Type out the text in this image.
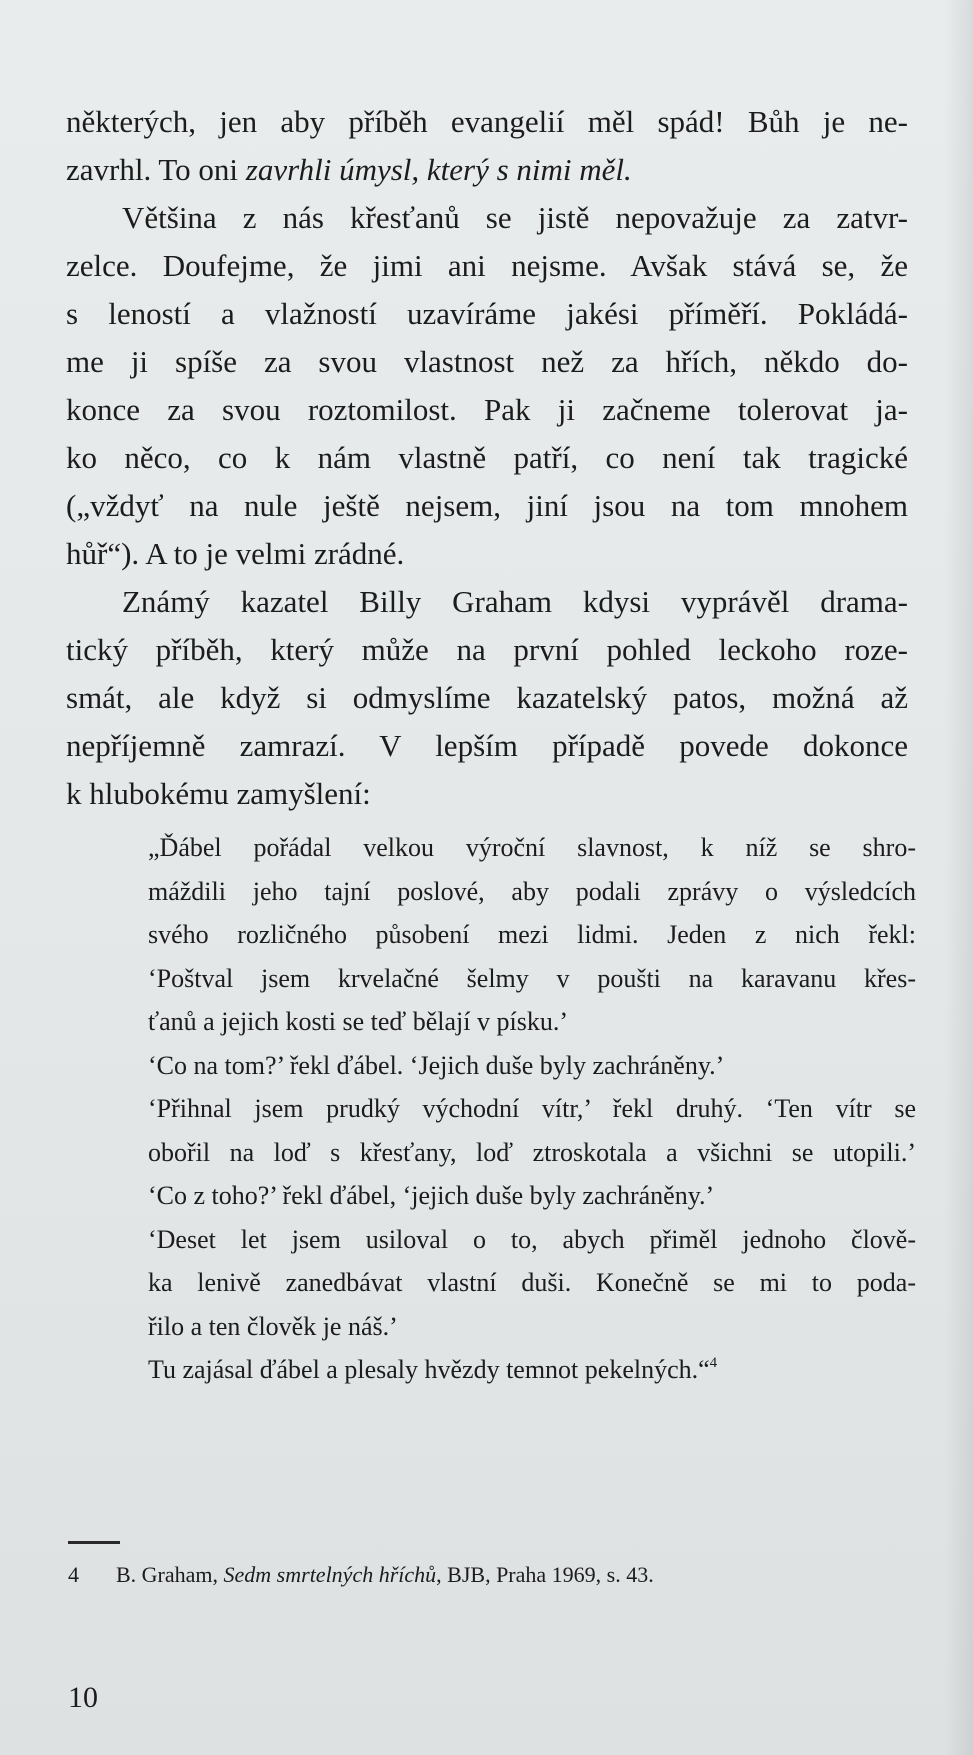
některých, jen aby příběh evangelií měl spád! Bůh je ne-
zavrhl. To oni zavrhli úmysl, který s nimi měl.
Většina z nás křesťanů se jistě nepovažuje za zatvr-
zelce. Doufejme, že jimi ani nejsme. Avšak stává se, že
s leností a vlažností uzavíráme jakési příměří. Pokládá-
me ji spíše za svou vlastnost než za hřích, někdo do-
konce za svou roztomilost. Pak ji začneme tolerovat ja-
ko něco, co k nám vlastně patří, co není tak tragické
(„vždyť na nule ještě nejsem, jiní jsou na tom mnohem
hůř“). A to je velmi zrádné.
Známý kazatel Billy Graham kdysi vyprávěl drama-
tický příběh, který může na první pohled leckoho roze-
smát, ale když si odmyslíme kazatelský patos, možná až
nepříjemně zamrazí. V lepším případě povede dokonce
k hlubokému zamyšlení:
„Ďábel pořádal velkou výroční slavnost, k níž se shro-
máždili jeho tajní poslové, aby podali zprávy o výsledcích
svého rozličného působení mezi lidmi. Jeden z nich řekl:
‘Poštval jsem krvelačné šelmy v poušti na karavanu křes-
ťanů a jejich kosti se teď bělají v písku.’
‘Co na tom?’ řekl ďábel. ‘Jejich duše byly zachráněny.’
‘Přihnal jsem prudký východní vítr,’ řekl druhý. ‘Ten vítr se
obořil na loď s křesťany, loď ztroskotala a všichni se utopili.’
‘Co z toho?’ řekl ďábel, ‘jejich duše byly zachráněny.’
‘Deset let jsem usiloval o to, abych přiměl jednoho člově-
ka lenivě zanedbávat vlastní duši. Konečně se mi to poda-
řilo a ten člověk je náš.’
Tu zajásal ďábel a plesaly hvězdy temnot pekelných.“$^4$
4 B. Graham, Sedm smrtelných hříchů, BJB, Praha 1969, s. 43.
10
